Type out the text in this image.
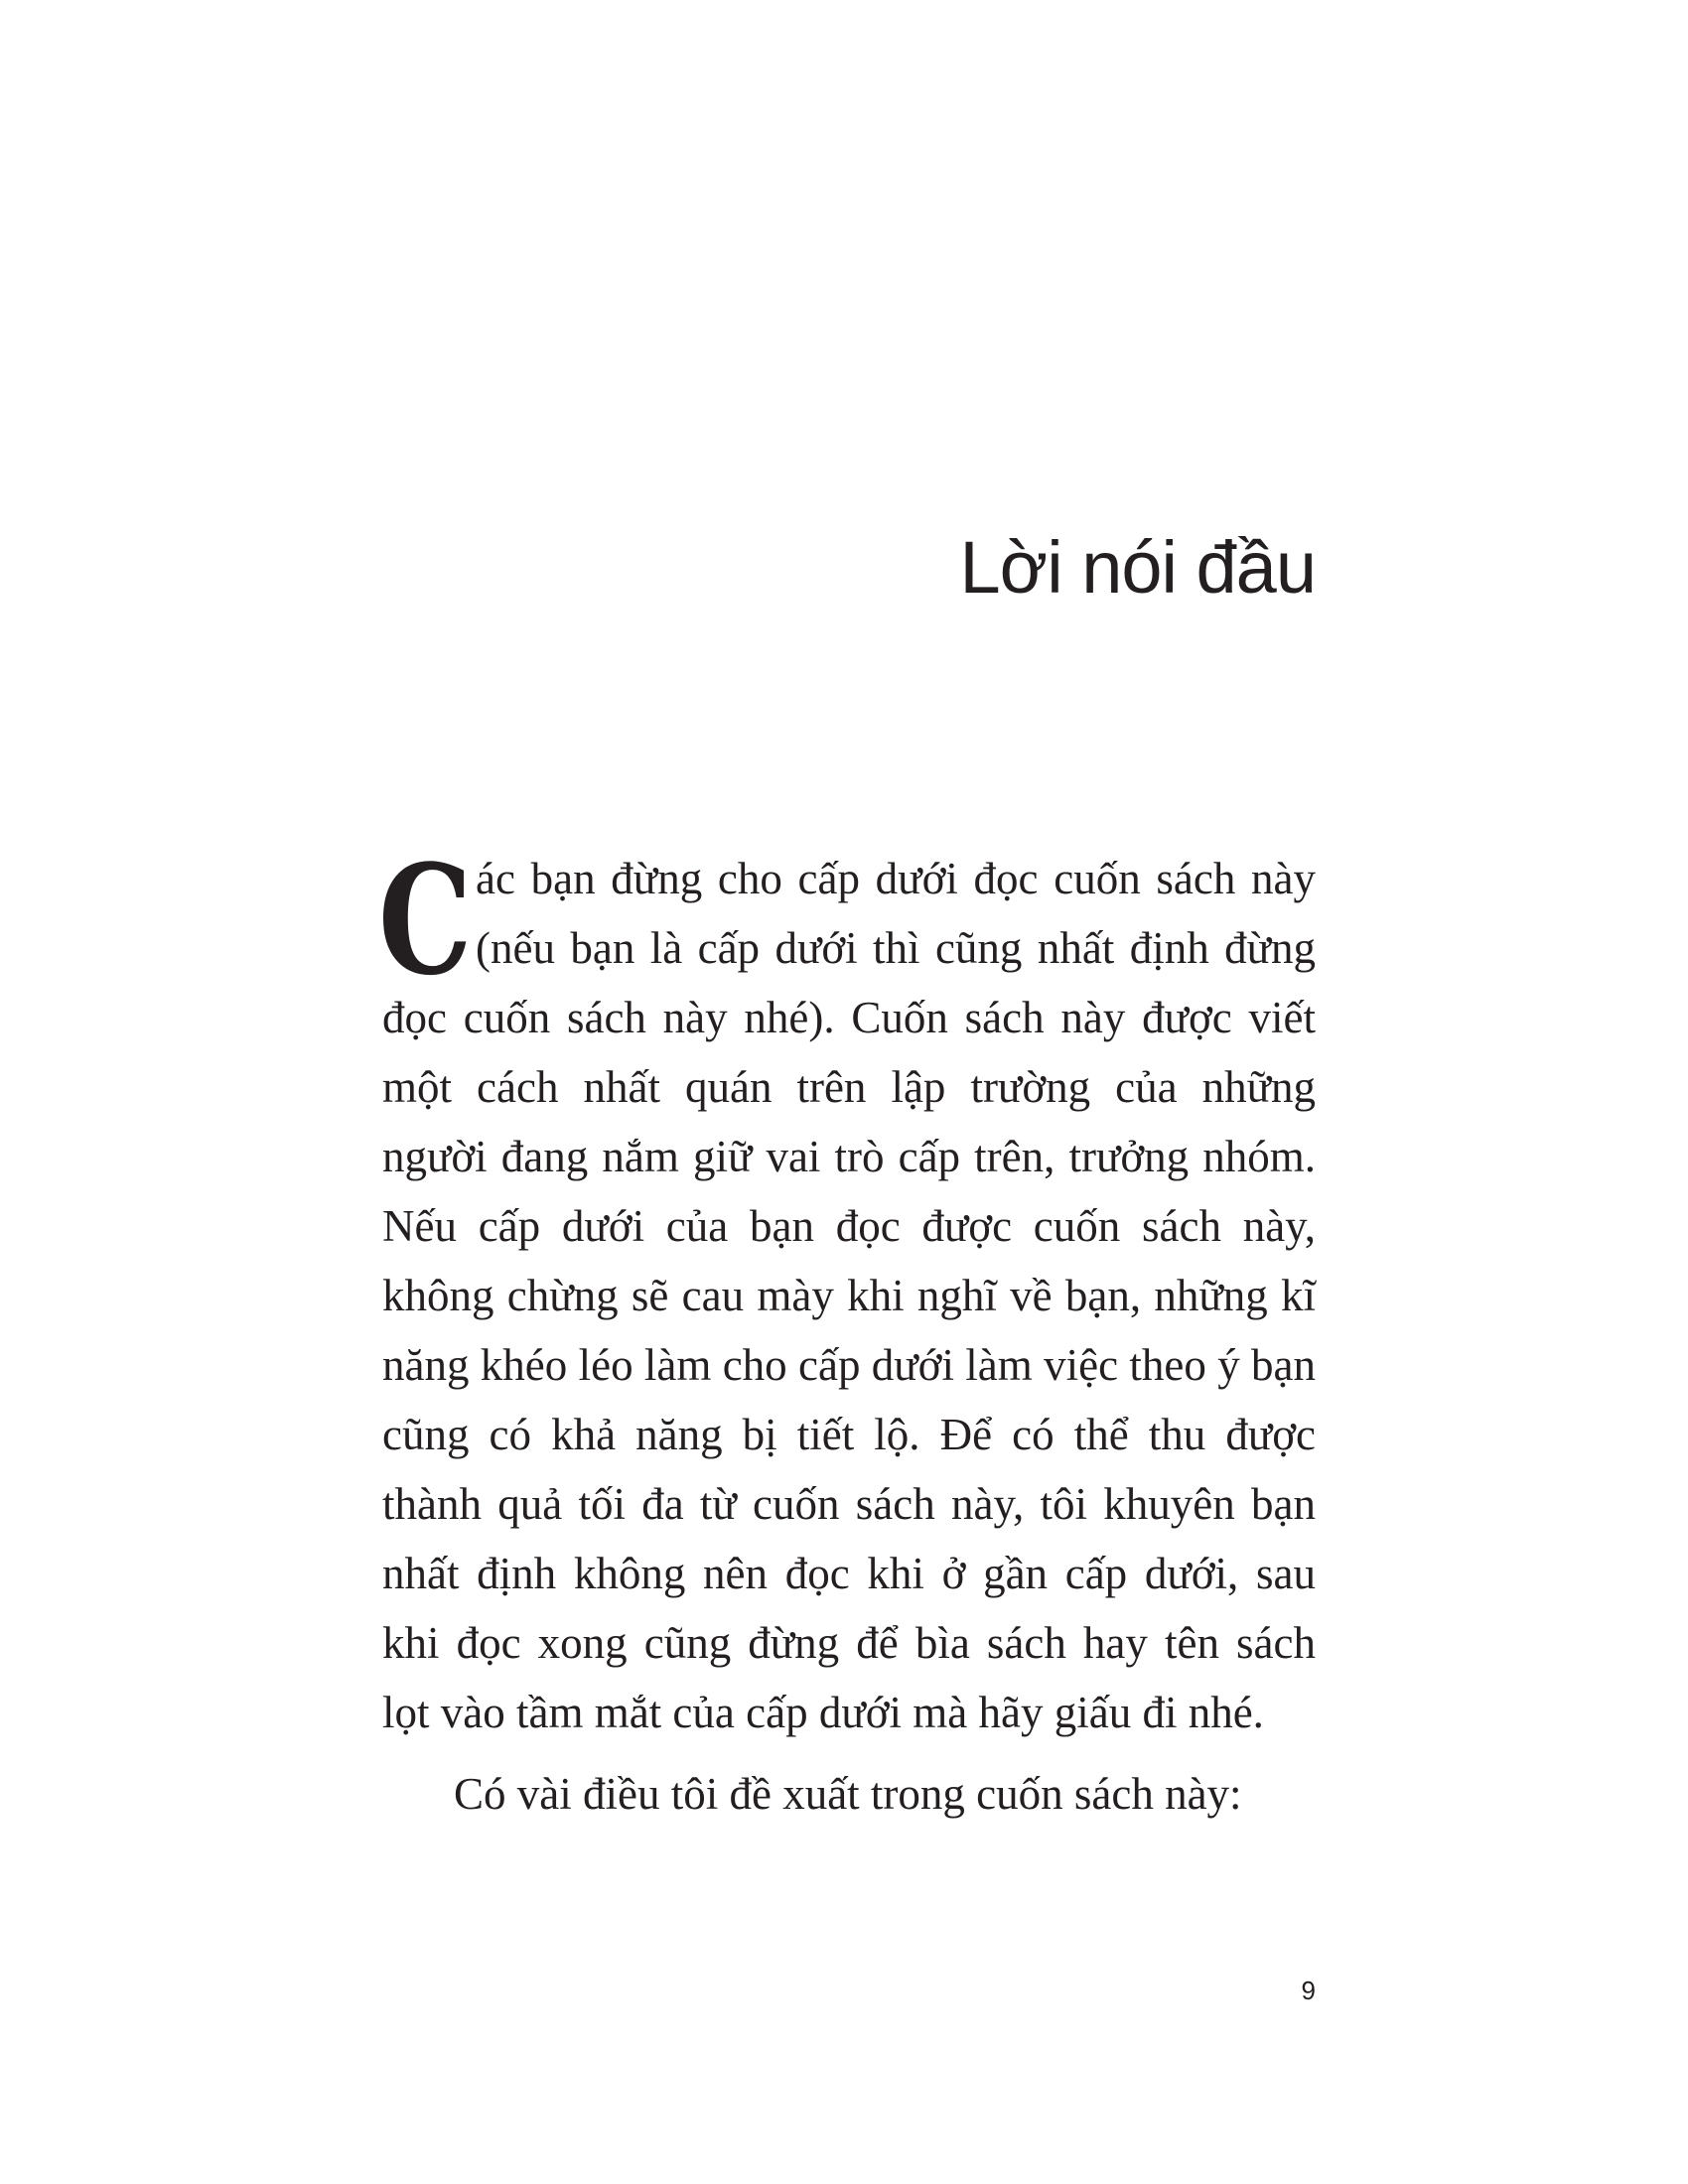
Lời nói đầu

Các bạn đừng cho cấp dưới đọc cuốn sách này (nếu bạn là cấp dưới thì cũng nhất định đừng đọc cuốn sách này nhé). Cuốn sách này được viết một cách nhất quán trên lập trường của những người đang nắm giữ vai trò cấp trên, trưởng nhóm. Nếu cấp dưới của bạn đọc được cuốn sách này, không chừng sẽ cau mày khi nghĩ về bạn, những kĩ năng khéo léo làm cho cấp dưới làm việc theo ý bạn cũng có khả năng bị tiết lộ. Để có thể thu được thành quả tối đa từ cuốn sách này, tôi khuyên bạn nhất định không nên đọc khi ở gần cấp dưới, sau khi đọc xong cũng đừng để bìa sách hay tên sách lọt vào tầm mắt của cấp dưới mà hãy giấu đi nhé.

Có vài điều tôi đề xuất trong cuốn sách này:

9
